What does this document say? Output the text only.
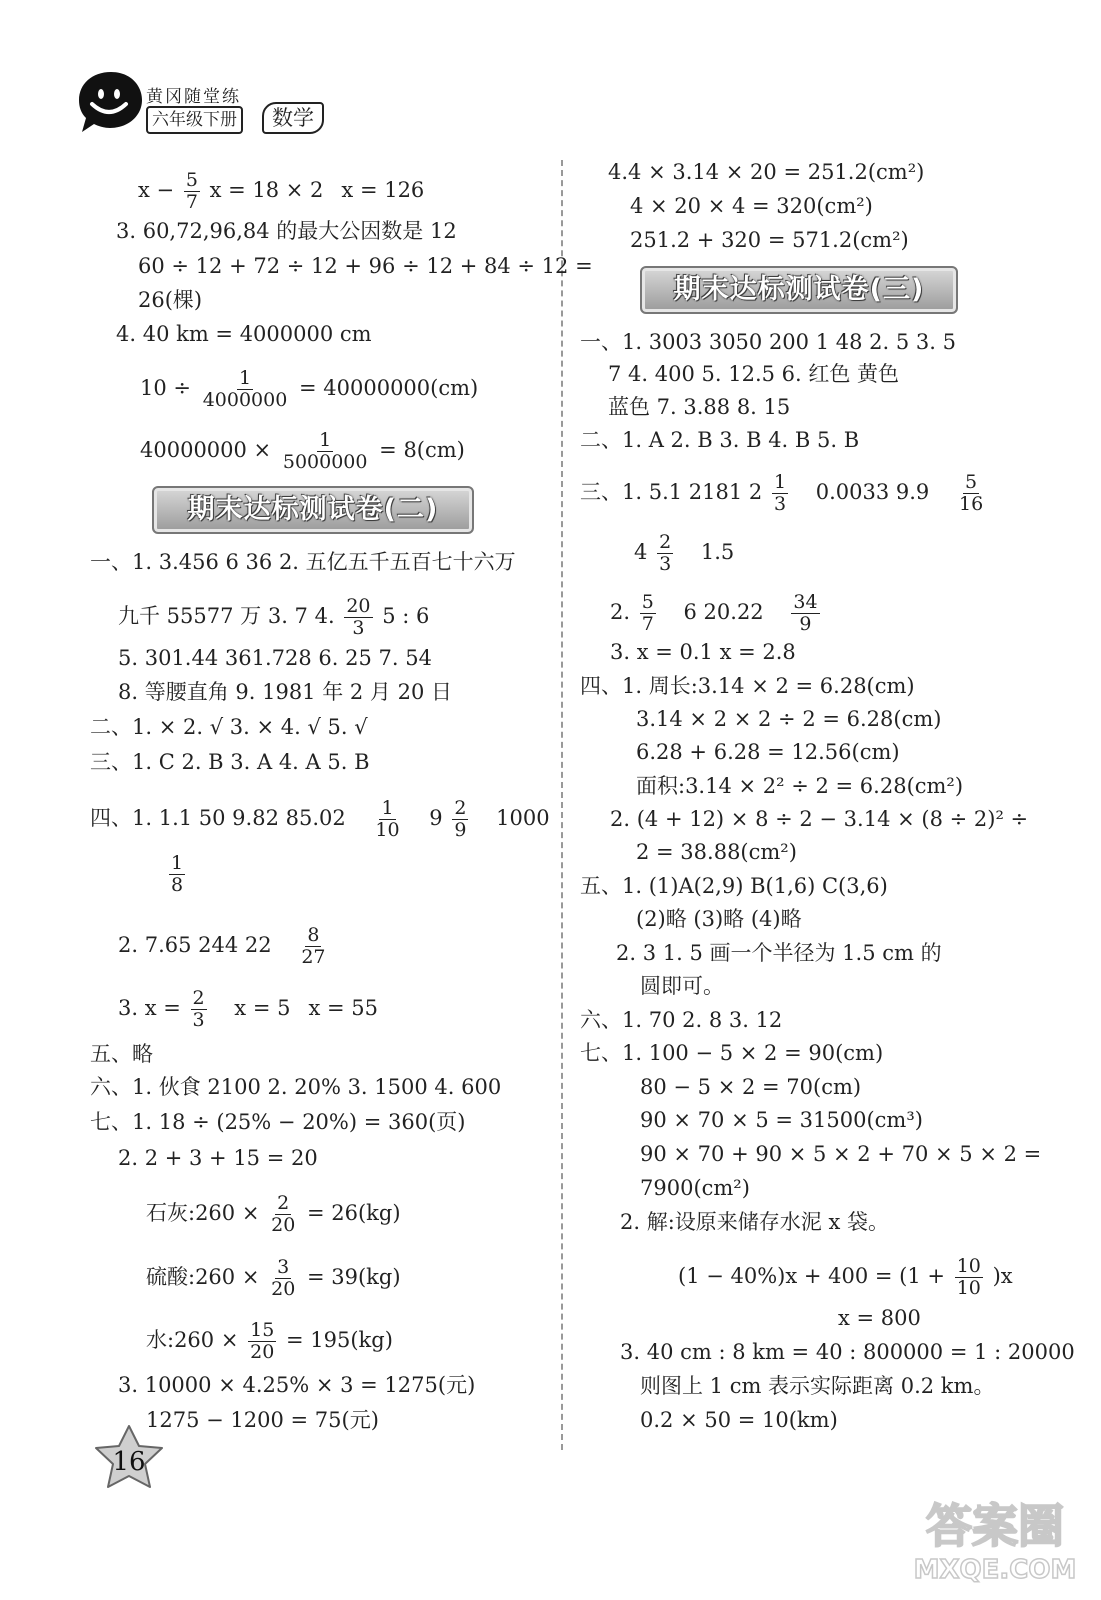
黄冈随堂练
六年级下册	数学
$x - \frac{5}{7}$ x = 18 × 2 x = 126
3. 60,72,96,84 的最大公因数是 12
60 ÷ 12 + 72 ÷ 12 + 96 ÷ 12 + 84 ÷ 12 =
26(棵)
4. 40 km = 4000000 cm
$10 \div \frac{1}{4000000} = 40000000(cm)$
$40000000 \times \frac{1}{5000000} = 8(cm)$
期末达标测试卷(二)
一、1. 3.456 6 36 2. 五亿五千五百七十六万
九千 55577 万 3. 7 4. $\frac{20}{3} 5$ : 6
5. 301.44 361.728 6. 25 7. 54
8. 等腰直角 9. 1981 年 2 月 20 日
二、1. × 2. √ 3. × 4. √ 5. √
三、1. C 2. B 3. A 4. A 5. B
四、1. 1.1 50 9.82 $85.02 \frac{1}{10} 9 \frac{2}{9} 1000$
$\frac{1}{8}$
2. 7.65 244 $22 \frac{8}{27}$
3. $x = \frac{2}{3}$ x = 5 x = 55
五、略
六、1. 伙食 2100 2. 20% 3. 1500 4. 600
七、1. 18 ÷ (25% − 20%) = 360(页)
2. 2 + 3 + 15 = 20
石灰:260 × $\frac{2}{20} = 26(kg)$
硫酸:260 × $\frac{3}{20} = 39(kg)$
水:260 × $\frac{15}{20} = 195(kg)$
3. 10000 × 4.25% × 3 = 1275(元)
1275 − 1200 = 75(元)
4.4 × 3.14 × 20 = 251.2(cm²)
4 × 20 × 4 = 320(cm²)
251.2 + 320 = 571.2(cm²)
期末达标测试卷(三)
一、1. 3003 3050 200 1 48 2. 5 3. 5
7 4. 400 5. 12.5 6. 红色 黄色
蓝色 7. 3.88 8. 15
二、1. A 2. B 3. B 4. B 5. B
三、1. 5.1 2181 $2 \frac{1}{3} 0.0033$ $9.9 \frac{5}{16}$
$4 \frac{2}{3} 1.5$
2. $\frac{5}{7} 6$ $20.22 \frac{34}{9}$
3. x = 0.1 x = 2.8
四、1. 周长:3.14 × 2 = 6.28(cm)
3.14 × 2 × 2 ÷ 2 = 6.28(cm)
6.28 + 6.28 = 12.56(cm)
面积:3.14 × 2² ÷ 2 = 6.28(cm²)
2. (4 + 12) × 8 ÷ 2 − 3.14 × (8 ÷ 2)² ÷
2 = 38.88(cm²)
五、1. (1)A(2,9) B(1,6) C(3,6)
(2)略 (3)略 (4)略
2. 3 1. 5 画一个半径为 1.5 cm 的
圆即可。
六、1. 70 2. 8 3. 12
七、1. 100 − 5 × 2 = 90(cm)
80 − 5 × 2 = 70(cm)
90 × 70 × 5 = 31500(cm³)
90 × 70 + 90 × 5 × 2 + 70 × 5 × 2 =
7900(cm²)
2. 解:设原来储存水泥 x 袋。
$(1 - 40\%)x + 400 = (1 + \frac{10}{10} )x$
x = 800
3. 40 cm : 8 km = 40 : 800000 = 1 : 20000
则图上 1 cm 表示实际距离 0.2 km。
0.2 × 50 = 10(km)
16
答案圈
MXQE.COM
